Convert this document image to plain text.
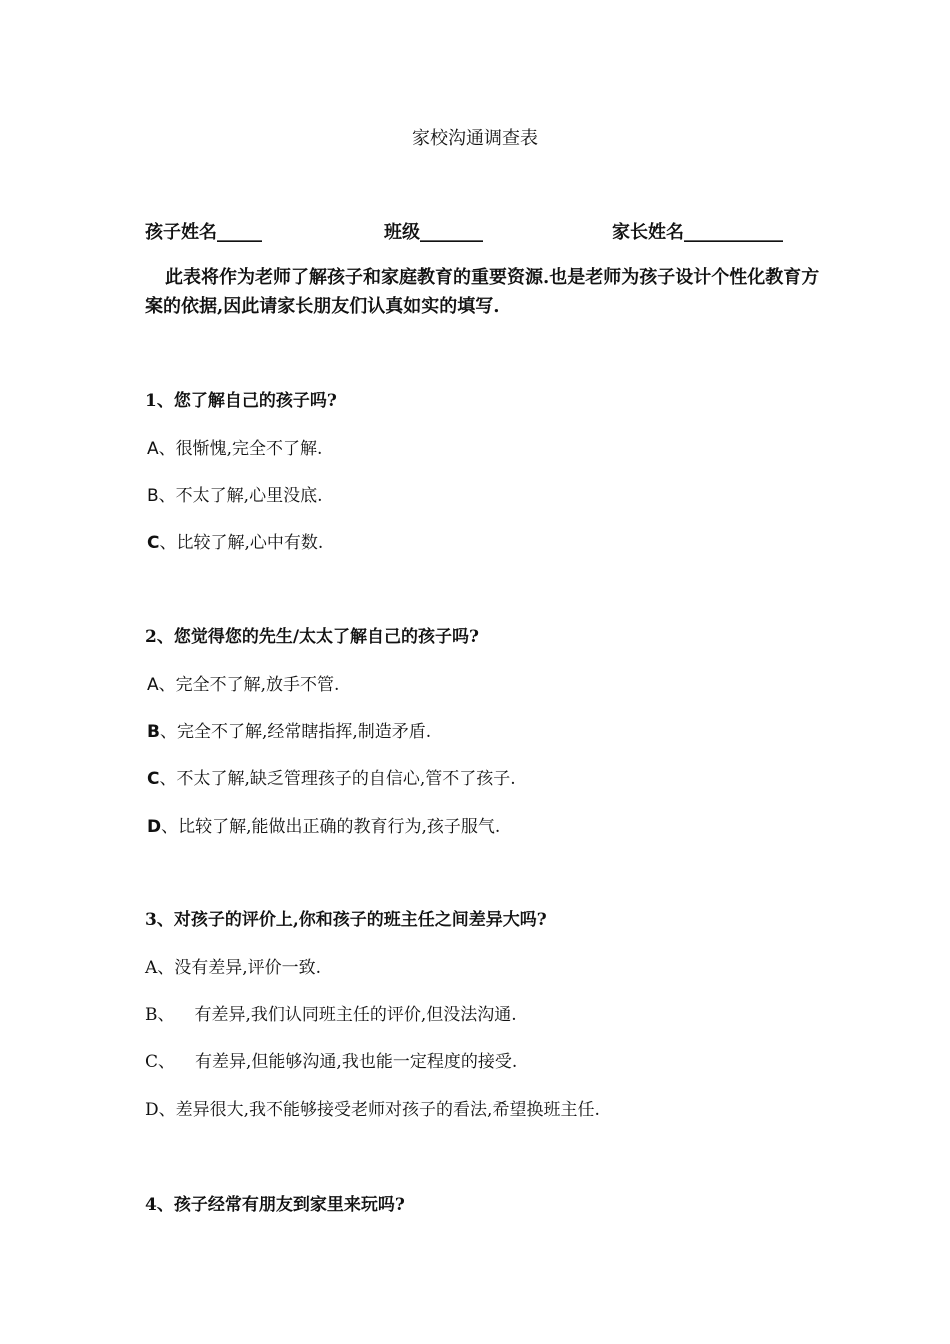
家校沟通调查表
孩子姓名_____	班级_______	家长姓名___________
此表将作为老师了解孩子和家庭教育的重要资源.也是老师为孩子设计个性化教育方案的依据,因此请家长朋友们认真如实的填写.
1、您了解自己的孩子吗?
A、很惭愧,完全不了解.
B、不太了解,心里没底.
C、比较了解,心中有数.
2、您觉得您的先生/太太了解自己的孩子吗?
A、完全不了解,放手不管.
B、完全不了解,经常瞎指挥,制造矛盾.
C、不太了解,缺乏管理孩子的自信心,管不了孩子.
D、比较了解,能做出正确的教育行为,孩子服气.
3、对孩子的评价上,你和孩子的班主任之间差异大吗?
A、没有差异,评价一致.
B、 有差异,我们认同班主任的评价,但没法沟通.
C、 有差异,但能够沟通,我也能一定程度的接受.
D、差异很大,我不能够接受老师对孩子的看法,希望换班主任.
4、孩子经常有朋友到家里来玩吗?
